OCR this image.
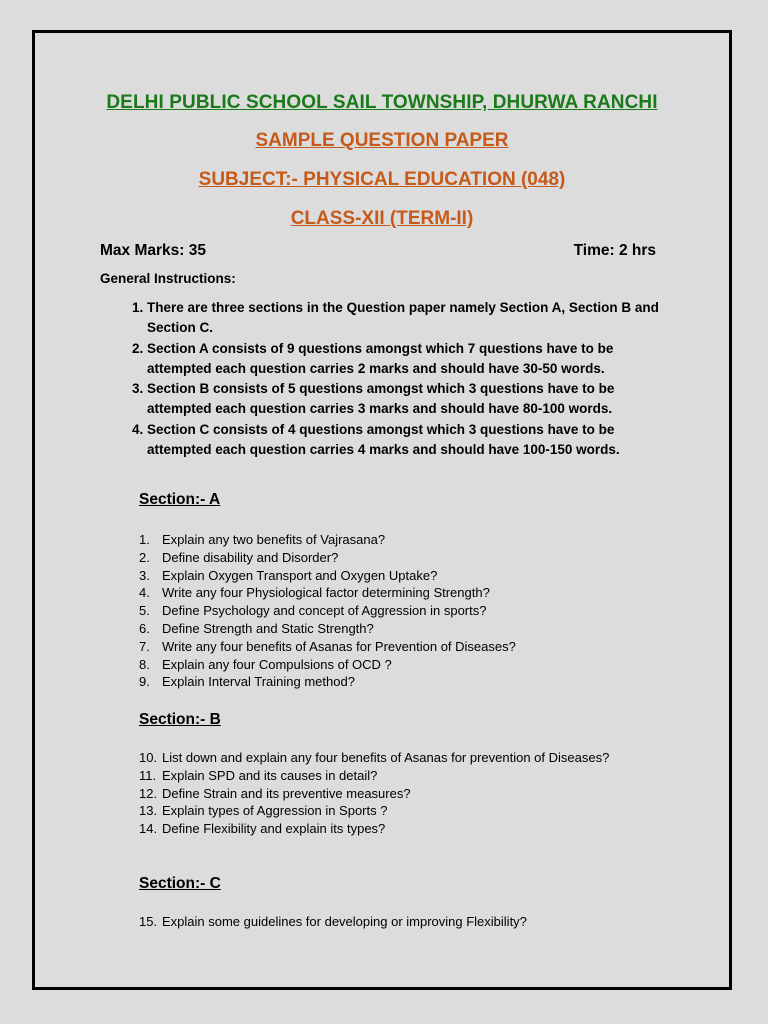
DELHI PUBLIC SCHOOL SAIL TOWNSHIP, DHURWA RANCHI
SAMPLE QUESTION PAPER
SUBJECT:- PHYSICAL EDUCATION (048)
CLASS-XII (TERM-II)
Max Marks: 35	Time: 2 hrs
General Instructions:
1. There are three sections in the Question paper namely Section A, Section B and Section C.
2. Section A consists of 9 questions amongst which 7 questions have to be attempted each question carries 2 marks and should have 30-50 words.
3. Section B consists of 5 questions amongst which 3 questions have to be attempted each question carries 3 marks and should have 80-100 words.
4. Section C consists of 4 questions amongst which 3 questions have to be attempted each question carries 4 marks and should have 100-150 words.
Section:- A
1. Explain any two benefits of Vajrasana?
2. Define disability and Disorder?
3. Explain Oxygen Transport and Oxygen Uptake?
4. Write any four Physiological factor determining Strength?
5. Define Psychology and concept of Aggression in sports?
6. Define Strength and Static Strength?
7. Write any four benefits of Asanas for Prevention of Diseases?
8. Explain any four Compulsions of OCD ?
9. Explain Interval Training method?
Section:- B
10. List down and explain any four benefits of Asanas for prevention of Diseases?
11. Explain SPD and its causes in detail?
12. Define Strain and its preventive measures?
13. Explain types of Aggression in Sports ?
14. Define Flexibility and explain its types?
Section:- C
15. Explain some guidelines for developing or improving Flexibility?
